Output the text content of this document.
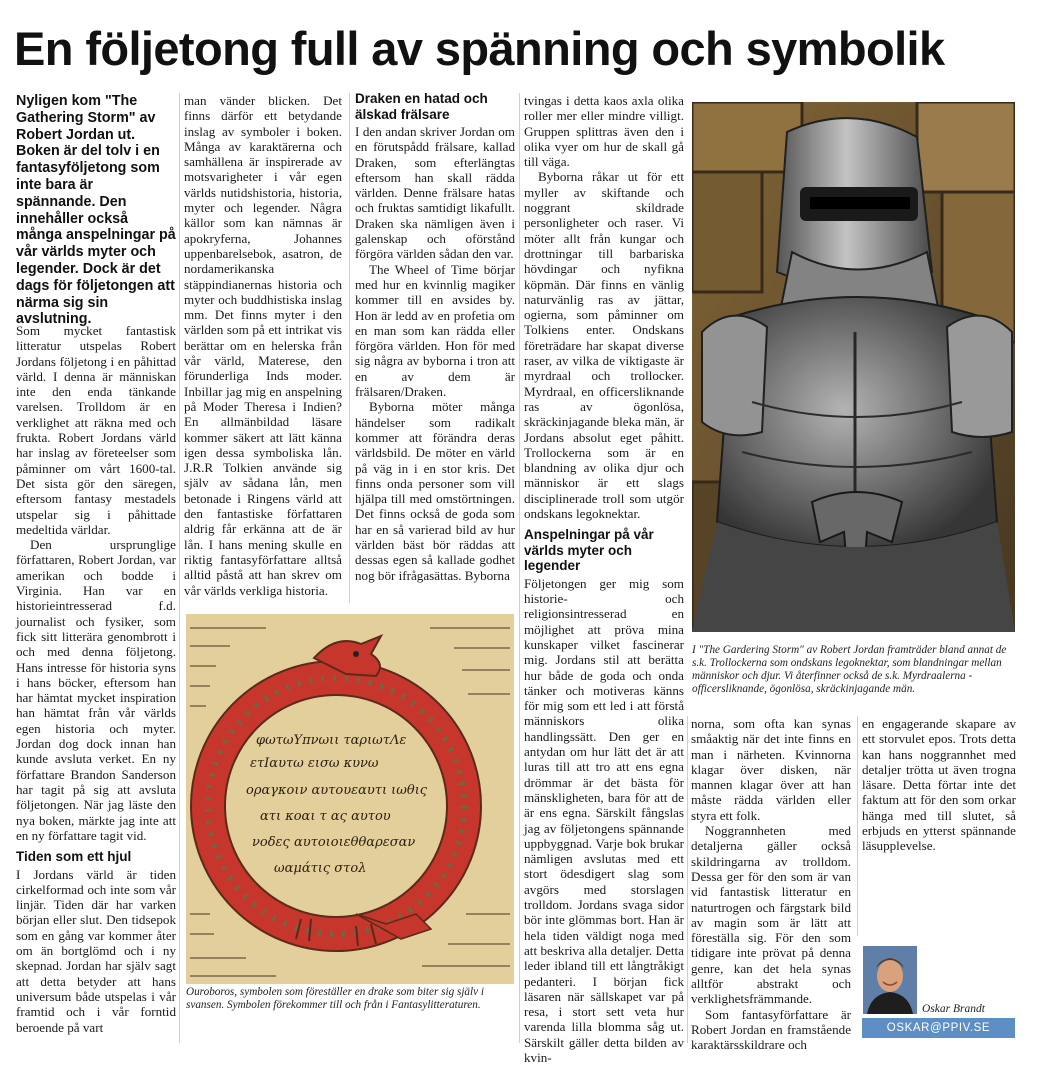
En följetong full av spänning och symbolik
Nyligen kom "The Gathering Storm" av Robert Jordan ut. Boken är del tolv i en fantasyföljetong som inte bara är spännande. Den innehåller också många anspelningar på vår världs myter och legender. Dock är det dags för följetongen att närma sig sin avslutning.

Som mycket fantastisk litteratur utspelas Robert Jordans följetong i en påhittad värld. I denna är människan inte den enda tänkande varelsen. Trolldom är en verklighet att räkna med och frukta. Robert Jordans värld har inslag av företeelser som påminner om vårt 1600-tal. Det sista gör den säregen, eftersom fantasy mestadels utspelar sig i påhittade medeltida världar.

Den ursprunglige författaren, Robert Jordan, var amerikan och bodde i Virginia. Han var en historieintresserad f.d. journalist och fysiker, som fick sitt litterära genombrott i och med denna följetong. Hans intresse för historia syns i hans böcker, eftersom han har hämtat mycket inspiration han hämtat från vår världs egen historia och myter. Jordan dog dock innan han kunde avsluta verket. En ny författare Brandon Sanderson har tagit på sig att avsluta följetongen. När jag läste den nya boken, märkte jag inte att en ny författare tagit vid.

Tiden som ett hjul

I Jordans värld är tiden cirkelformad och inte som vår linjär. Tiden där har varken början eller slut. Den tidsepok som en gång var kommer åter om än bortglömd och i ny skepnad. Jordan har själv sagt att detta betyder att hans universum både utspelas i vår framtid och i vår forntid beroende på vart

man vänder blicken. Det finns därför ett betydande inslag av symboler i boken. Många av karaktärerna och samhällena är inspirerade av motsvarigheter i vår egen världs nutidshistoria, historia, myter och legender. Några källor som kan nämnas är apokryferna, Johannes uppenbarelsebok, asatron, de nordamerikanska stäppindianernas historia och myter och buddhistiska inslag mm. Det finns myter i den världen som på ett intrikat vis berättar om en helerska från vår värld, Materese, den förunderliga Inds moder. Inbillar jag mig en anspelning på Moder Theresa i Indien? En allmänbildad läsare kommer säkert att lätt känna igen dessa symboliska lån. J.R.R Tolkien använde sig själv av sådana lån, men betonade i Ringens värld att den fantastiske författaren aldrig får erkänna att de är lån. I hans mening skulle en riktig fantasyförfattare alltså alltid påstå att han skrev om vår världs verkliga historia.

Draken en hatad och älskad frälsare

I den andan skriver Jordan om en förutspådd frälsare, kallad Draken, som efterlängtas eftersom han skall rädda världen. Denne frälsare hatas och fruktas samtidigt likafullt. Draken ska nämligen även i galenskap och oförstånd förgöra världen sådan den var.

The Wheel of Time börjar med hur en kvinnlig magiker kommer till en avsides by. Hon är ledd av en profetia om en man som kan rädda eller förgöra världen. Hon för med sig några av byborna i tron att en av dem är frälsaren/Draken.

Byborna möter många händelser som radikalt kommer att förändra deras världsbild. De möter en värld på väg in i en stor kris. Det finns onda personer som vill hjälpa till med omstörtningen. Det finns också de goda som har en så varierad bild av hur världen bäst bör räddas att dessas egen så kallade godhet nog bör ifrågasättas. Byborna

tvingas i detta kaos axla olika roller mer eller mindre villigt. Gruppen splittras även den i olika vyer om hur de skall gå till väga.

Byborna råkar ut för ett myller av skiftande och noggrant skildrade personligheter och raser. Vi möter allt från kungar och drottningar till barbariska hövdingar och nyfikna köpmän. Där finns en vänlig naturvänlig ras av jättar, ogierna, som påminner om Tolkiens enter. Ondskans företrädare har skapat diverse raser, av vilka de viktigaste är myrdraal och trollocker. Myrdraal, en officersliknande ras av ögonlösa, skräckinjagande bleka män, är Jordans absolut eget påhitt. Trollockerna som är en blandning av olika djur och människor är ett slags disciplinerade troll som utgör ondskans legoknektar.

Anspelningar på vår världs myter och legender

Följetongen ger mig som historie- och religionsintresserad en möjlighet att pröva mina kunskaper vilket fascinerar mig. Jordans stil att berätta hur både de goda och onda tänker och motiveras känns för mig som ett led i att förstå människors olika handlingssätt. Den ger en antydan om hur lätt det är att luras till att tro att ens egna drömmar är det bästa för mänskligheten, bara för att de är ens egna. Särskilt fångslas jag av följetongens spännande uppbyggnad. Varje bok brukar nämligen avslutas med ett stort ödesdigert slag som avgörs med storslagen trolldom. Jordans svaga sidor bör inte glömmas bort. Han är hela tiden väldigt noga med att beskriva alla detaljer. Detta leder ibland till ett långtråkigt pedanteri. I början fick läsaren när sällskapet var på resa, i stort sett veta hur varenda lilla blomma såg ut. Särskilt gäller detta bilden av kvin-

norna, som ofta kan synas småaktig när det inte finns en man i närheten. Kvinnorna klagar över disken, när mannen klagar över att han måste rädda världen eller styra ett folk.

Noggrannheten med detaljerna gäller också skildringarna av trolldom. Dessa ger för den som är van vid fantastisk litteratur en naturtrogen och färgstark bild av magin som är lätt att föreställa sig. För den som tidigare inte prövat på denna genre, kan det hela synas alltför abstrakt och verklighetsfrämmande.

Som fantasyförfattare är Robert Jordan en framstående karaktärsskildrare och

en engagerande skapare av ett storvulet epos. Trots detta kan hans noggrannhet med detaljer trötta ut även trogna läsare. Detta förtar inte det faktum att för den som orkar hänga med till slutet, så erbjuds en ytterst spännande läsupplevelse.

I "The Gardering Storm" av Robert Jordan framträder bland annat de s.k. Trollockerna som ondskans legoknektar, som blandningar mellan människor och djur. Vi återfinner också de s.k. Myrdraalerna - officersliknande, ögonlösa, skräckinjagande män.
φωτωΥπνωιι ταριωτΛε
ετΙαυτω εισω κυνω
οραγκοιν αυτουεαυτι ιωθις
ατι κοαι τ ας αυτου
νοδες αυτοιοιεθθαρεσαν
ωαμάτις στολ
Ouroboros, symbolen som föreställer en drake som biter sig själv i svansen. Symbolen förekommer till och från i Fantasylitteraturen.	Oskar Brandt
OSKAR@PPIV.SE
